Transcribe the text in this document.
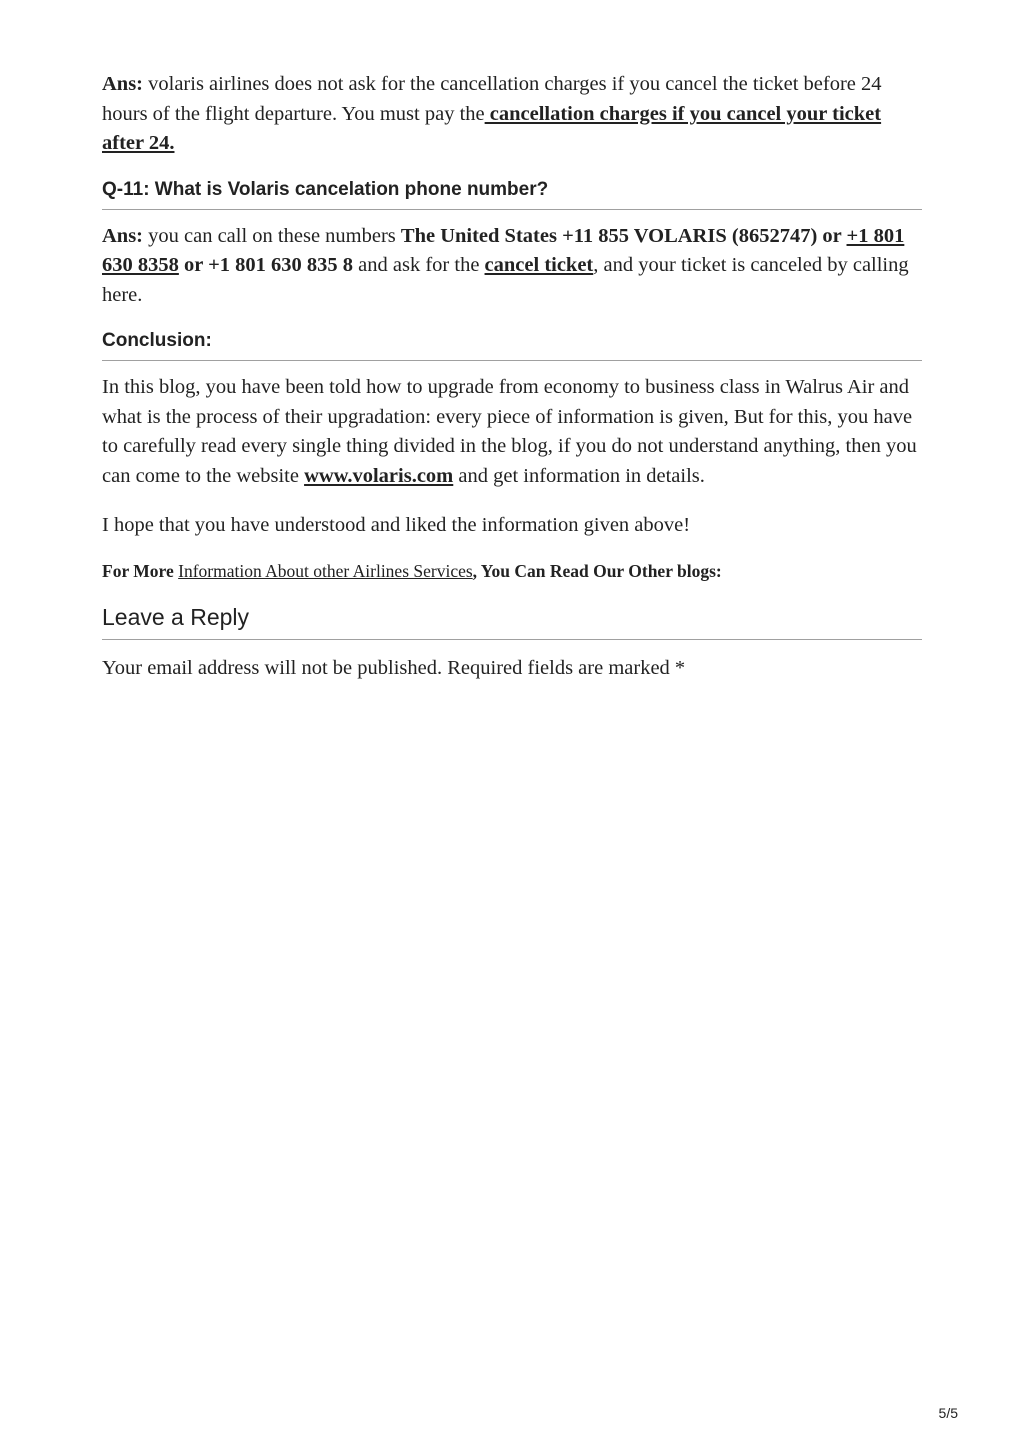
Ans: volaris airlines does not ask for the cancellation charges if you cancel the ticket before 24 hours of the flight departure. You must pay the cancellation charges if you cancel your ticket after 24.

Q-11: What is Volaris cancelation phone number?

Ans: you can call on these numbers The United States +11 855 VOLARIS (8652747) or +1 801 630 8358 or +1 801 630 835 8 and ask for the cancel ticket, and your ticket is canceled by calling here.

Conclusion:

In this blog, you have been told how to upgrade from economy to business class in Walrus Air and what is the process of their upgradation: every piece of information is given, But for this, you have to carefully read every single thing divided in the blog, if you do not understand anything, then you can come to the website www.volaris.com and get information in details.

I hope that you have understood and liked the information given above!

For More Information About other Airlines Services, You Can Read Our Other blogs:

Leave a Reply

Your email address will not be published. Required fields are marked *

5/5
